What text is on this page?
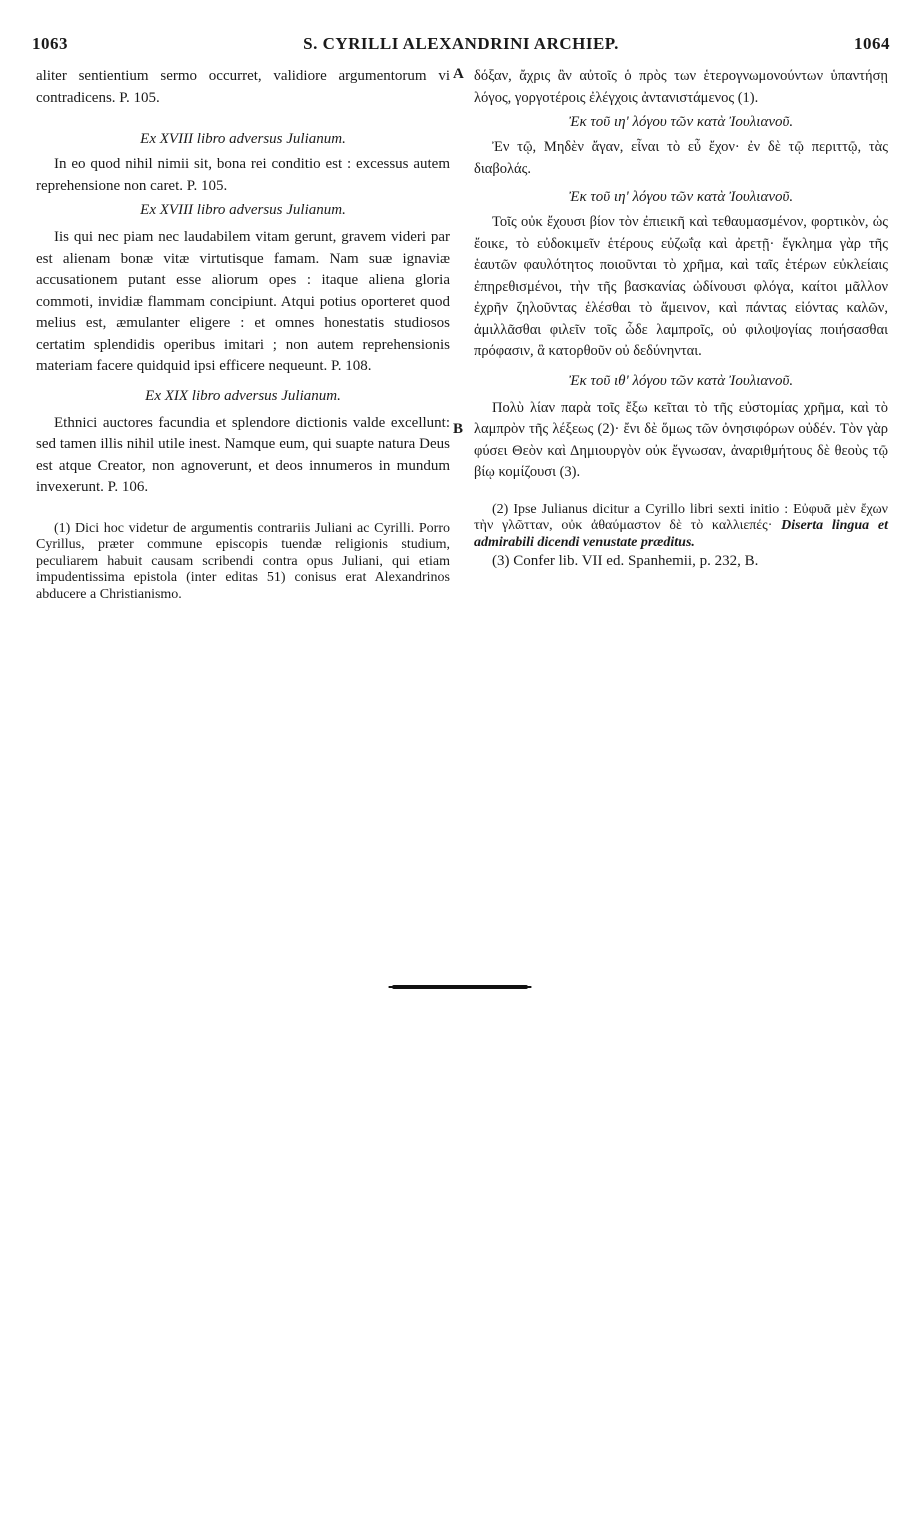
1063	S. CYRILLI ALEXANDRINI ARCHIEP.	1064
A
B

aliter sentientium sermo occurret, validiore argumentorum vi contradicens. P. 105.

Ex XVIII libro adversus Julianum.

In eo quod nihil nimii sit, bona rei conditio est : excessus autem reprehensione non caret. P. 105.

Ex XVIII libro adversus Julianum.

Iis qui nec piam nec laudabilem vitam gerunt, gravem videri par est alienam bonæ vitæ virtutisque famam. Nam suæ ignaviæ accusationem putant esse aliorum opes : itaque aliena gloria commoti, invidiæ flammam concipiunt. Atqui potius oporteret quod melius est, æmulanter eligere : et omnes honestatis studiosos certatim splendidis operibus imitari ; non autem reprehensionis materiam facere quidquid ipsi efficere nequeunt. P. 108.

Ex XIX libro adversus Julianum.

Ethnici auctores facundia et splendore dictionis valde excellunt: sed tamen illis nihil utile inest. Namque eum, qui suapte natura Deus est atque Creator, non agnoverunt, et deos innumeros in mundum invexerunt. P. 106.

(1) Dici hoc videtur de argumentis contrariis Juliani ac Cyrilli. Porro Cyrillus, præter commune episcopis tuendæ religionis studium, peculiarem habuit causam scribendi contra opus Juliani, qui etiam impudentissima epistola (inter editas 51) conisus erat Alexandrinos abducere a Christianismo.

δόξαν, ἄχρις ἂν αὐτοῖς ὁ πρὸς των ἑτερογνωμονούντων ὑπαντήσῃ λόγος, γοργοτέροις ἐλέγχοις ἀντανιστάμενος (1).

Ἐκ τοῦ ιη' λόγου τῶν κατὰ Ἰουλιανοῦ.

Ἐν τῷ, Μηδὲν ἄγαν, εἶναι τὸ εὖ ἔχον· ἐν δὲ τῷ περιττῷ, τὰς διαβολάς.

Ἐκ τοῦ ιη' λόγου τῶν κατὰ Ἰουλιανοῦ.

Τοῖς οὐκ ἔχουσι βίον τὸν ἐπιεικῆ καὶ τεθαυμασμένον, φορτικὸν, ὡς ἔοικε, τὸ εὐδοκιμεῖν ἑτέρους εὐζωΐᾳ καὶ ἀρετῇ· ἔγκλημα γὰρ τῆς ἑαυτῶν φαυλότητος ποιοῦνται τὸ χρῆμα, καὶ ταῖς ἑτέρων εὐκλείαις ἐπηρεθισμένοι, τὴν τῆς βασκανίας ὠδίνουσι φλόγα, καίτοι μᾶλλον ἐχρῆν ζηλοῦντας ἑλέσθαι τὸ ἄμεινον, καὶ πάντας εἰόντας καλῶν, ἁμιλλᾶσθαι φιλεῖν τοῖς ὧδε λαμπροῖς, οὐ φιλοψογίας ποιήσασθαι πρόφασιν, ἃ κατορθοῦν οὐ δεδύνηνται.

Ἐκ τοῦ ιθ' λόγου τῶν κατὰ Ἰουλιανοῦ.

Πολὺ λίαν παρὰ τοῖς ἔξω κεῖται τὸ τῆς εὐστομίας χρῆμα, καὶ τὸ λαμπρὸν τῆς λέξεως (2)· ἔνι δὲ ὅμως τῶν ὀνησιφόρων οὐδέν. Τὸν γὰρ φύσει Θεὸν καὶ Δημιουργὸν οὐκ ἔγνωσαν, ἀναριθμήτους δὲ θεοὺς τῷ βίῳ κομίζουσι (3).

(2) Ipse Julianus dicitur a Cyrillo libri sexti initio : Εὐφυᾶ μὲν ἔχων τὴν γλῶτταν, οὐκ ἀθαύμαστον δὲ τὸ καλλιεπές· Diserta lingua et admirabili dicendi venustate præditus.

(3) Confer lib. VII ed. Spanhemii, p. 232, B.
